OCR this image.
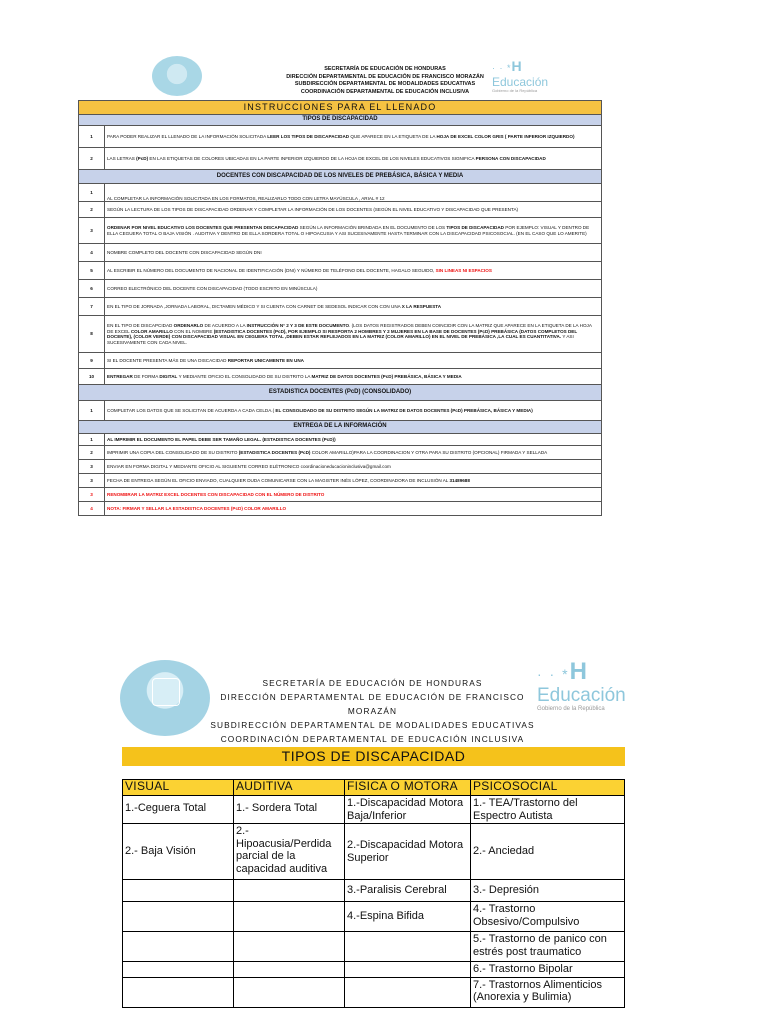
SECRETARÍA DE EDUCACIÓN DE HONDURAS
DIRECCIÓN DEPARTAMENTAL DE EDUCACIÓN DE FRANCISCO MORAZÁN
SUBDIRECCIÓN DEPARTAMENTAL DE MODALIDADES EDUCATIVAS
COORDINACIÓN DEPARTAMENTAL DE EDUCACIÓN INCLUSIVA
· · *H
Educación
Gobierno de la República
INSTRUCCIONES PARA EL LLENADO	
TIPOS DE DISCAPACIDAD	
1	PARA PODER REALIZAR EL LLENADO DE LA INFORMACIÓN SOLICITADA LEER LOS TIPOS DE DISCAPACIDAD QUE APARECE EN LA ETIQUETA DE LA HOJA DE EXCEL COLOR GRIS ( PARTE INFERIOR IZQUIERDO)
2	LAS LETRAS (PcD) EN LAS ETIQUETAS DE COLORES UBICADAS EN LA PARTE INFERIOR IZQUIERDO DE LA HOJA DE EXCEL DE LOS NIVELES EDUCATIVOS SIGNIFICA PERSONA CON DISCAPACIDAD
DOCENTES CON DISCAPACIDAD DE LOS NIVELES DE PREBÁSICA, BÁSICA Y MEDIA	
1	AL COMPLETAR LA INFORMACIÓN SOLICITADA EN LOS FORMATOS, REALIZARLO TODO CON LETRA MAYÚSCULA , ARIAL # 12
2	SEGÚN LA LECTURA DE LOS TIPOS DE DISCAPACIDAD ORDENAR Y COMPLETAR LA INFORMACIÓN DE LOS DOCENTES (SEGÚN EL NIVEL EDUCATIVO Y DISCAPACIDAD QUE PRESENTA)
3	ORDENAR POR NIVEL EDUCATIVO LOS DOCENTES QUE PRESENTAN DISCAPACIDAD SEGÚN LA INFORMACIÓN BRINDADA EN EL DOCUMENTO DE LOS TIPOS DE DISCAPACIDAD POR EJEMPLO: VISUAL Y DENTRO DE ELLA CEGUERA TOTAL O BAJA VISIÓN . AUDITIVA Y DENTRO DE ELLA SORDERA TOTAL O HIPOACUSIA Y ASI SUCESIVAMENTE HASTA TERMINAR CON LA DISCAPACIDAD PSICOSOCIAL. (EN EL CASO QUE LO AMERITE)
4	NOMBRE COMPLETO DEL DOCENTE CON DISCAPACIDAD SEGÚN DNI
5	AL ESCRIBIR EL NÚMERO DEL DOCUMENTO DE NACIONAL DE IDENTIFICACIÓN (DNI) Y NÚMERO DE TELÉFONO DEL DOCENTE, HAGALO SEGUIDO, SIN LINEAS NI ESPACIOS
6	CORREO ELECTRÓNICO DEL DOCENTE CON DISCAPACIDAD (TODO ESCRITO EN MINÚSCULA)
7	EN EL TIPO DE JORNADA ,JORNADA LABORAL, DICTAMEN MÉDICO Y SI CUENTA CON CARNET DE SEDESOL INDICAR CON CON UNA X LA RESPUESTA
8	EN EL TIPO DE DISCAPCIDAD ORDENARLO DE ACUERDO A LA INSTRUCCIÓN N° 2 Y 3 DE ESTE DOCUMENTO. (LOS DATOS REGISTRADOS DEBEN COINCIDIR CON LA MATRIZ QUE APARECE EN LA ETIQUETA DE LA HOJA DE EXCEL COLOR AMARILLO CON EL NOMBRE (ESTADISTICA DOCENTES (PcD), POR EJEMPLO SI RESPORTA 2 HOMBRES Y 2 MUJERES EN LA BASE DE DOCENTES (PcD) PREBÁSICA (DATOS COMPLETOS DEL DOCENTE), (COLOR VERDE) CON DISCAPACIDAD VISUAL EN CEGUERA TOTAL ,DEBEN ESTAR REFLEJADOS EN LA MATRIZ (COLOR AMARILLO) EN EL NIVEL DE PREBÁSICA ,LA CUAL ES CUANTITATIVA. Y ASI SUCESIVAMENTE CON CADA NIVEL.
9	SI EL DOCENTE PRESENTA MÁS DE UNA DISCACIDAD REPORTAR UNICAMENTE EN UNA
10	ENTREGAR DE FORMA DIGITAL Y MEDIANTE OFICIO EL CONSOLIDADO DE SU DISTRITO LA MATRIZ DE DATOS DOCENTES (PcD) PREBÁSICA, BÁSICA Y MEDIA
ESTADISTICA DOCENTES (PcD) (CONSOLIDADO)	
1	COMPLETAR LOS DATOS QUE SE SOLICITAN DE ACUERDA A CADA CELDA.( EL CONSOLIDADO DE SU DISTRITO SEGÚN LA MATRIZ DE DATOS DOCENTES (PcD) PREBÁSICA, BÁSICA Y MEDIA)
ENTREGA DE LA INFORMACIÓN	
1	AL IMPRIMIR EL DOCUMENTO EL PAPEL DEBE SER TAMAÑO LEGAL. (ESTADISTICA DOCENTES (PcD))
2	IMPRIMIR UNA COPIA DEL CONSOLIDADO DE SU DISTRITO (ESTADISTICA DOCENTES (PcD) COLOR AMARILLO)PARA LA COORDINACION Y OTRA PARA SU DISTRITO (OPCIONAL) FIRMADA Y SELLADA
3	ENVIAR EN FORMA DIGITAL Y MEDIANTE OFICIO AL SIGUIENTE CORREO ELÉTRONICO coordinacioneducacioninclusiva@gmail.com
3	FECHA DE ENTREGA SEGÚN EL OFICIO ENVIADO, CUALQUIER DUDA COMUNICARSE CON LA MAGISTER INÉS LÓPEZ, COORDINADORA DE INCLUSIÓN AL 31489688
3	RENOMBRAR LA MATRIZ EXCEL DOCENTES CON DISCAPACIDAD CON EL NÚMERO DE DISTRITO
4	NOTA: FIRMAR Y SELLAR LA ESTADISTICA DOCENTES (PcD) COLOR AMARILLO
SECRETARÍA DE EDUCACIÓN DE HONDURAS
DIRECCIÓN DEPARTAMENTAL DE EDUCACIÓN DE FRANCISCO MORAZÁN
SUBDIRECCIÓN DEPARTAMENTAL DE MODALIDADES EDUCATIVAS
COORDINACIÓN DEPARTAMENTAL DE EDUCACIÓN INCLUSIVA
· · *H
Educación
Gobierno de la República
TIPOS DE DISCAPACIDAD
VISUAL	AUDITIVA	FISICA O MOTORA	PSICOSOCIAL
1.-Ceguera Total	1.- Sordera Total	1.-Discapacidad Motora Baja/Inferior	1.- TEA/Trastorno del Espectro Autista
2.- Baja Visión	2.- Hipoacusia/Perdida parcial de la capacidad auditiva	2.-Discapacidad Motora Superior	2.- Anciedad
		3.-Paralisis Cerebral	3.- Depresión
		4.-Espina Bifida	4.- Trastorno Obsesivo/Compulsivo
			5.- Trastorno de panico con estrés post traumatico
			6.- Trastorno Bipolar
			7.- Trastornos Alimenticios (Anorexia y Bulimia)
